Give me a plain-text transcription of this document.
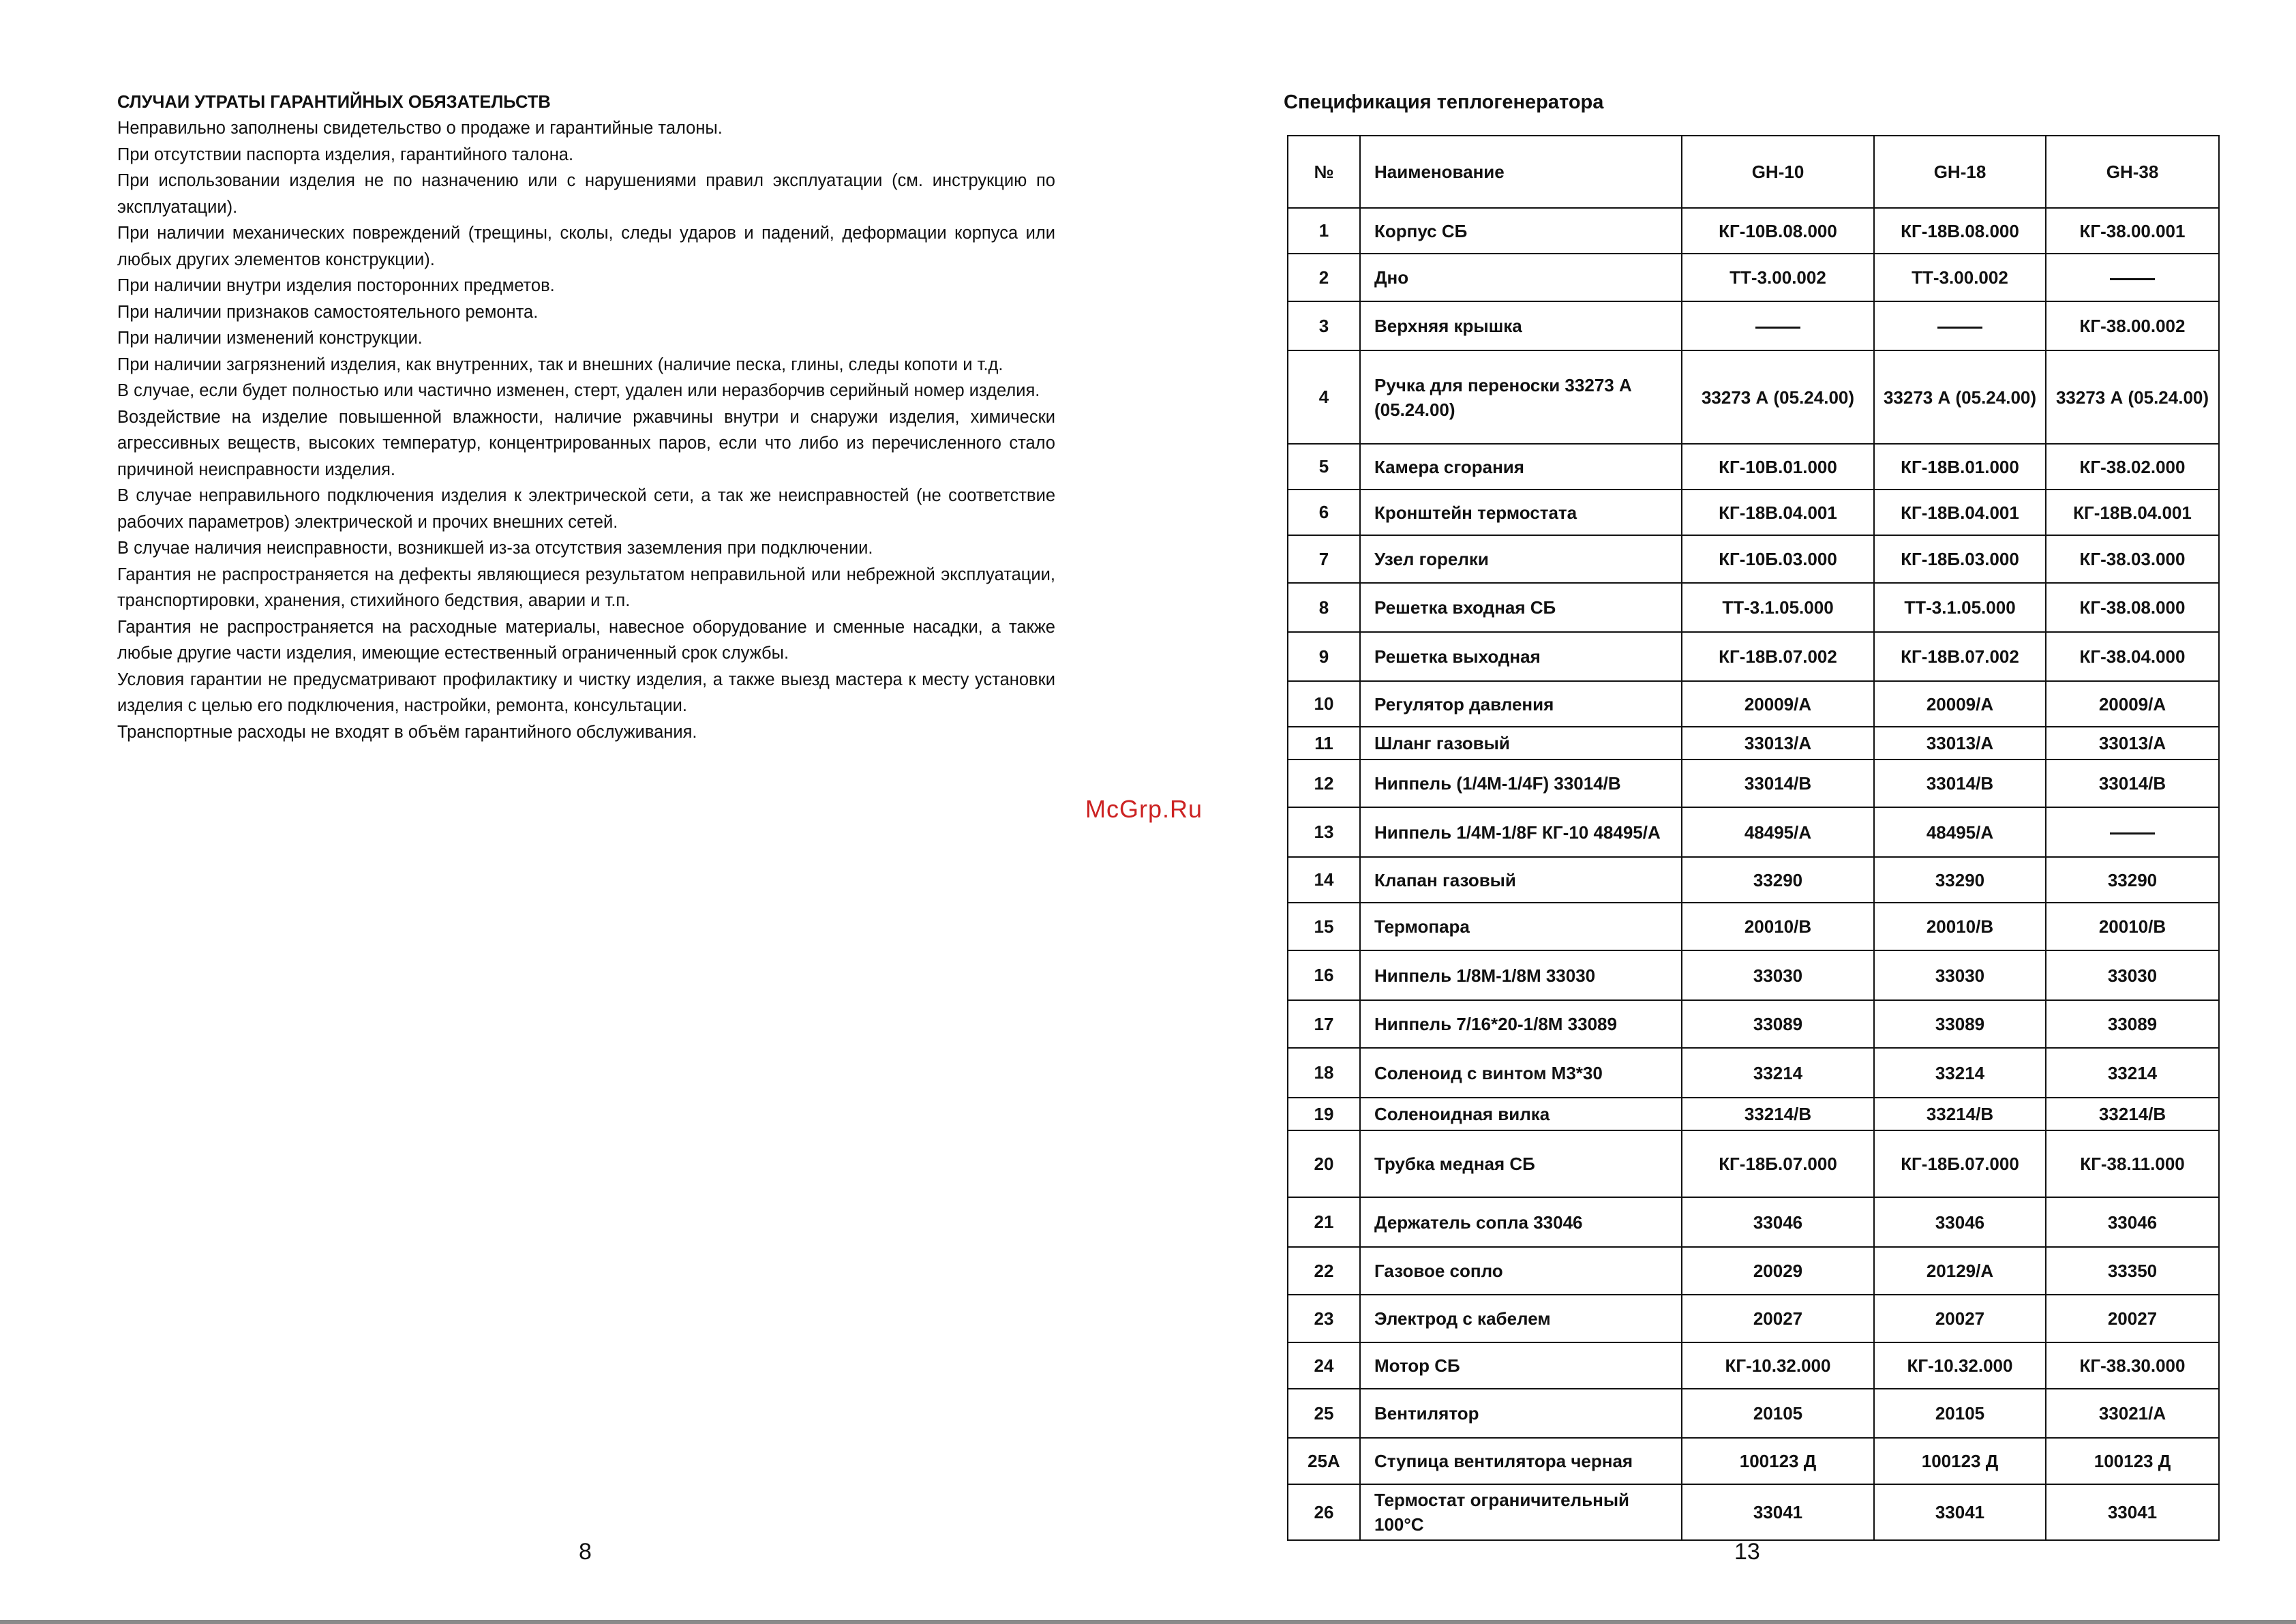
СЛУЧАИ УТРАТЫ ГАРАНТИЙНЫХ ОБЯЗАТЕЛЬСТВ

Неправильно заполнены свидетельство о продаже и гарантийные талоны.

При отсутствии паспорта изделия, гарантийного талона.

При использовании изделия не по назначению или с нарушениями правил эксплуатации (см. инструкцию по эксплуатации).

При наличии механических повреждений (трещины, сколы, следы ударов и падений, деформации корпуса или любых других элементов конструкции).

При наличии внутри изделия посторонних предметов.

При наличии признаков самостоятельного ремонта.

При наличии изменений конструкции.

При наличии загрязнений изделия, как внутренних, так и внешних (наличие песка, глины, следы копоти и т.д.

В случае, если будет полностью или частично изменен, стерт, удален или неразборчив серийный номер изделия.

Воздействие на изделие повышенной влажности, наличие ржавчины внутри и снаружи изделия, химически агрессивных веществ, высоких температур, концентрированных паров, если что либо из перечисленного стало причиной неисправности изделия.

В случае неправильного подключения изделия к электрической сети, а так же неисправностей (не соответствие рабочих параметров) электрической и прочих внешних сетей.

В случае наличия неисправности, возникшей из-за отсутствия заземления при подключении.

Гарантия не распространяется на дефекты являющиеся результатом неправильной или небрежной эксплуатации, транспортировки, хранения, стихийного бедствия, аварии и т.п.

Гарантия не распространяется на расходные материалы, навесное оборудование и сменные насадки, а также любые другие части изделия, имеющие естественный ограниченный срок службы.

Условия гарантии не предусматривают профилактику и чистку изделия, а также выезд мастера к месту установки изделия с целью его подключения, настройки, ремонта, консультации.

Транспортные расходы не входят в объём гарантийного обслуживания.

8
McGrp.Ru
Спецификация теплогенератора
№	Наименование	GH-10	GH-18	GH-38
1	Корпус СБ	КГ-10В.08.000	КГ-18В.08.000	КГ-38.00.001
2	Дно	ТТ-3.00.002	ТТ-3.00.002	
3	Верхняя крышка			КГ-38.00.002
4	Ручка для переноски 33273 А (05.24.00)	33273 А (05.24.00)	33273 А (05.24.00)	33273 А (05.24.00)
5	Камера сгорания	КГ-10В.01.000	КГ-18В.01.000	КГ-38.02.000
6	Кронштейн термостата	КГ-18В.04.001	КГ-18В.04.001	КГ-18В.04.001
7	Узел горелки	КГ-10Б.03.000	КГ-18Б.03.000	КГ-38.03.000
8	Решетка входная СБ	ТТ-3.1.05.000	ТТ-3.1.05.000	КГ-38.08.000
9	Решетка выходная	КГ-18В.07.002	КГ-18В.07.002	КГ-38.04.000
10	Регулятор давления	20009/А	20009/А	20009/А
11	Шланг газовый	33013/А	33013/А	33013/А
12	Ниппель (1/4М-1/4F) 33014/В	33014/В	33014/В	33014/В
13	Ниппель 1/4М-1/8F КГ-10 48495/А	48495/А	48495/А	
14	Клапан газовый	33290	33290	33290
15	Термопара	20010/В	20010/В	20010/В
16	Ниппель 1/8М-1/8М 33030	33030	33030	33030
17	Ниппель 7/16*20-1/8М 33089	33089	33089	33089
18	Соленоид с винтом М3*30	33214	33214	33214
19	Соленоидная вилка	33214/В	33214/В	33214/В
20	Трубка медная СБ	КГ-18Б.07.000	КГ-18Б.07.000	КГ-38.11.000
21	Держатель сопла 33046	33046	33046	33046
22	Газовое сопло	20029	20129/А	33350
23	Электрод с кабелем	20027	20027	20027
24	Мотор СБ	КГ-10.32.000	КГ-10.32.000	КГ-38.30.000
25	Вентилятор	20105	20105	33021/А
25А	Ступица вентилятора черная	100123 Д	100123 Д	100123 Д
26	Термостат ограничительный 100°С	33041	33041	33041
13
